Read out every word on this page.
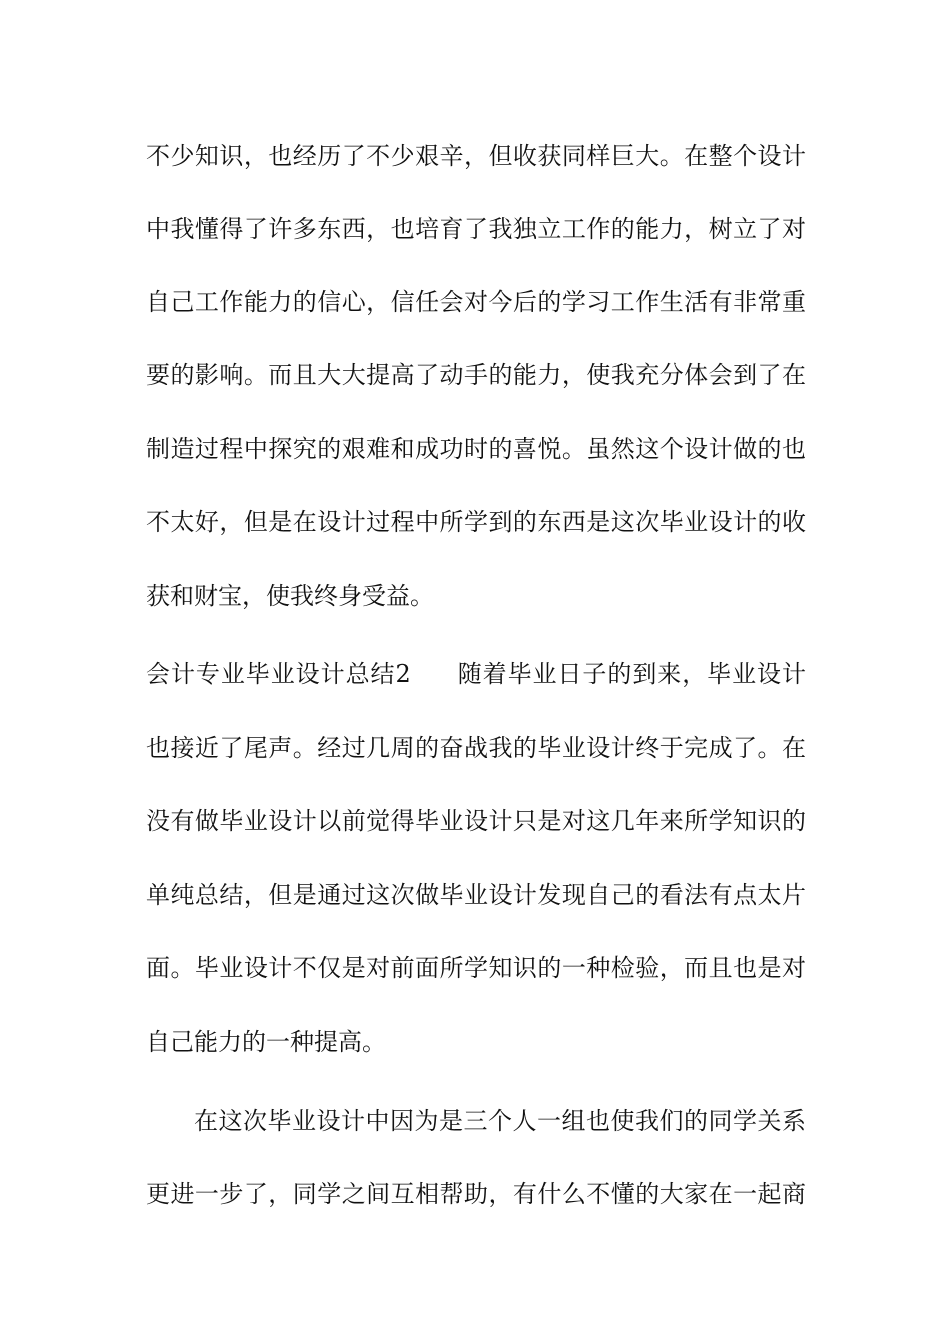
不少知识，也经历了不少艰辛，但收获同样巨大。在整个设计
中我懂得了许多东西，也培育了我独立工作的能力，树立了对
自己工作能力的信心，信任会对今后的学习工作生活有非常重
要的影响。而且大大提高了动手的能力，使我充分体会到了在
制造过程中探究的艰难和成功时的喜悦。虽然这个设计做的也
不太好，但是在设计过程中所学到的东西是这次毕业设计的收
获和财宝，使我终身受益。
会计专业毕业设计总结2 随着毕业日子的到来，毕业设计
也接近了尾声。经过几周的奋战我的毕业设计终于完成了。在
没有做毕业设计以前觉得毕业设计只是对这几年来所学知识的
单纯总结，但是通过这次做毕业设计发现自己的看法有点太片
面。毕业设计不仅是对前面所学知识的一种检验，而且也是对
自己能力的一种提高。
在这次毕业设计中因为是三个人一组也使我们的同学关系
更进一步了，同学之间互相帮助，有什么不懂的大家在一起商
